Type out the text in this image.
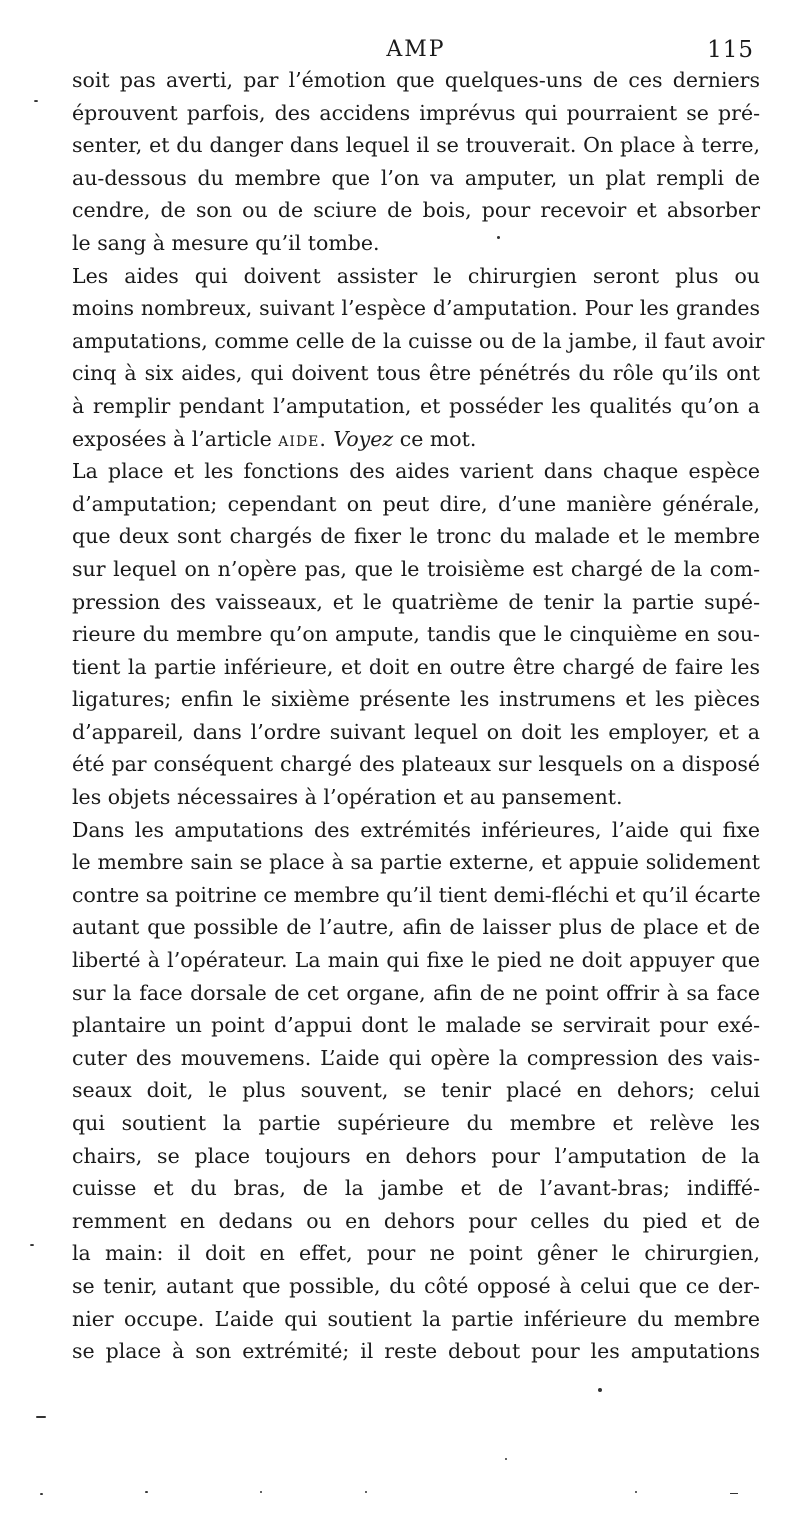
AMP	115
soit pas averti, par l’émotion que quelques-uns de ces derniers
éprouvent parfois, des accidens imprévus qui pourraient se pré-
senter, et du danger dans lequel il se trouverait. On place à terre,
au-dessous du membre que l’on va amputer, un plat rempli de
cendre, de son ou de sciure de bois, pour recevoir et absorber
le sang à mesure qu’il tombe.
Les aides qui doivent assister le chirurgien seront plus ou
moins nombreux, suivant l’espèce d’amputation. Pour les grandes
amputations, comme celle de la cuisse ou de la jambe, il faut avoir
cinq à six aides, qui doivent tous être pénétrés du rôle qu’ils ont
à remplir pendant l’amputation, et posséder les qualités qu’on a
exposées à l’article aide. Voyez ce mot.
La place et les fonctions des aides varient dans chaque espèce
d’amputation; cependant on peut dire, d’une manière générale,
que deux sont chargés de fixer le tronc du malade et le membre
sur lequel on n’opère pas, que le troisième est chargé de la com-
pression des vaisseaux, et le quatrième de tenir la partie supé-
rieure du membre qu’on ampute, tandis que le cinquième en sou-
tient la partie inférieure, et doit en outre être chargé de faire les
ligatures; enfin le sixième présente les instrumens et les pièces
d’appareil, dans l’ordre suivant lequel on doit les employer, et a
été par conséquent chargé des plateaux sur lesquels on a disposé
les objets nécessaires à l’opération et au pansement.
Dans les amputations des extrémités inférieures, l’aide qui fixe
le membre sain se place à sa partie externe, et appuie solidement
contre sa poitrine ce membre qu’il tient demi-fléchi et qu’il écarte
autant que possible de l’autre, afin de laisser plus de place et de
liberté à l’opérateur. La main qui fixe le pied ne doit appuyer que
sur la face dorsale de cet organe, afin de ne point offrir à sa face
plantaire un point d’appui dont le malade se servirait pour exé-
cuter des mouvemens. L’aide qui opère la compression des vais-
seaux doit, le plus souvent, se tenir placé en dehors; celui
qui soutient la partie supérieure du membre et relève les
chairs, se place toujours en dehors pour l’amputation de la
cuisse et du bras, de la jambe et de l’avant-bras; indiffé-
remment en dedans ou en dehors pour celles du pied et de
la main: il doit en effet, pour ne point gêner le chirurgien,
se tenir, autant que possible, du côté opposé à celui que ce der-
nier occupe. L’aide qui soutient la partie inférieure du membre
se place à son extrémité; il reste debout pour les amputations
